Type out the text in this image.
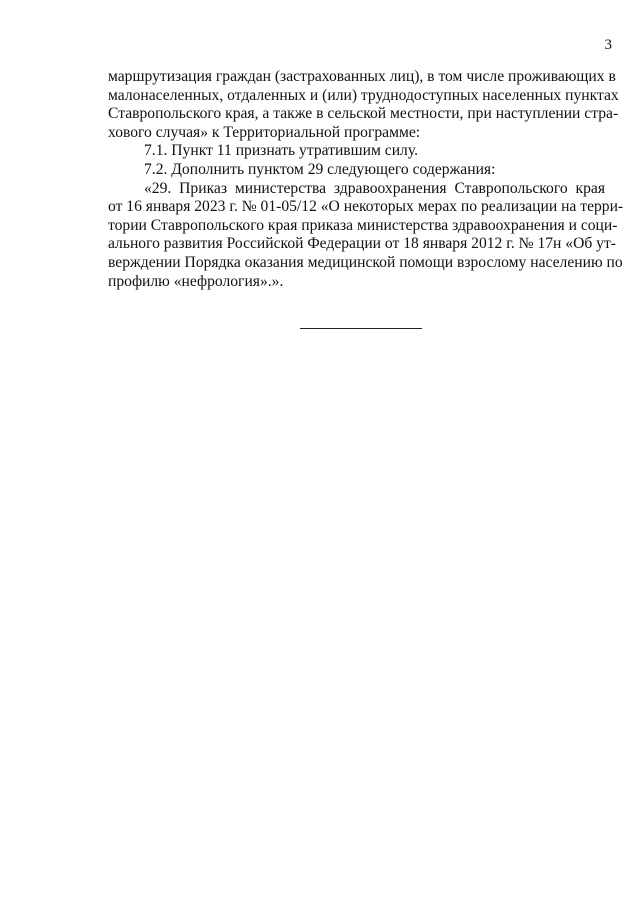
3
маршрутизация граждан (застрахованных лиц), в том числе проживающих в
малонаселенных, отдаленных и (или) труднодоступных населенных пунктах
Ставропольского края, а также в сельской местности, при наступлении стра-
хового случая» к Территориальной программе:
7.1. Пункт 11 признать утратившим силу.
7.2. Дополнить пунктом 29 следующего содержания:
«29. Приказ министерства здравоохранения Ставропольского края
от 16 января 2023 г. № 01-05/12 «О некоторых мерах по реализации на терри-
тории Ставропольского края приказа министерства здравоохранения и соци-
ального развития Российской Федерации от 18 января 2012 г. № 17н «Об ут-
верждении Порядка оказания медицинской помощи взрослому населению по
профилю «нефрология».».
